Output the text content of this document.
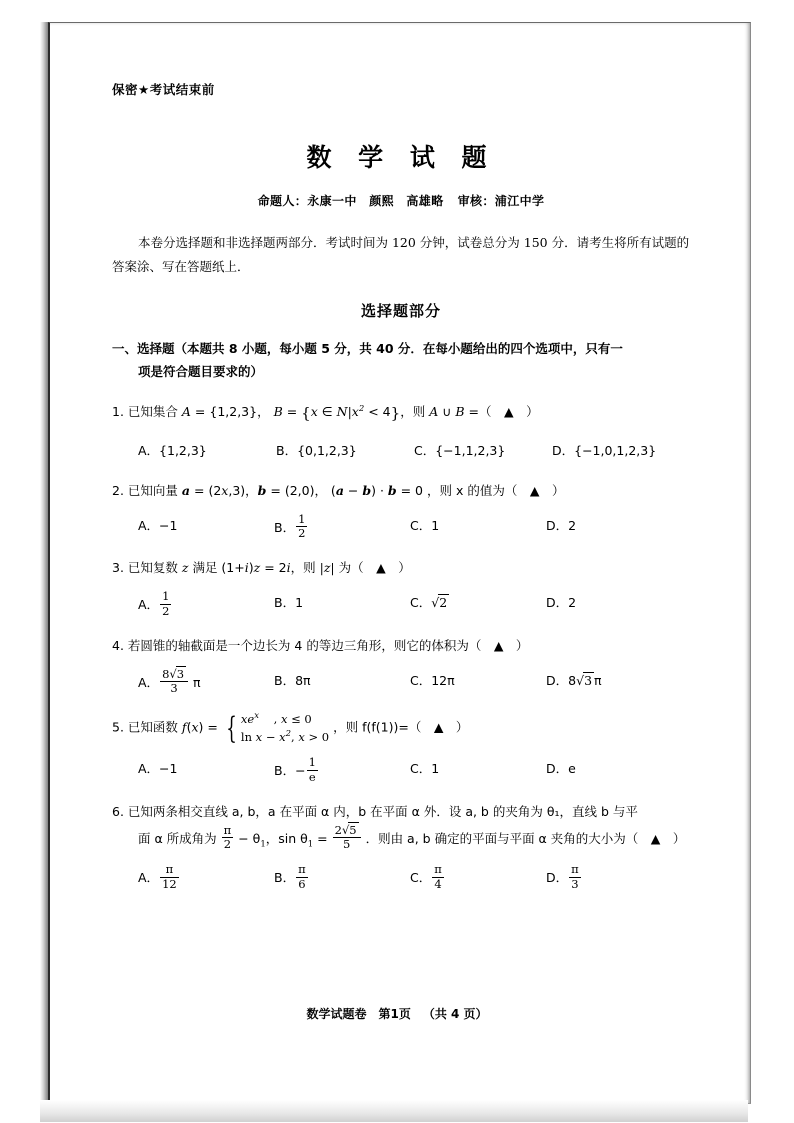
保密★考试结束前
数 学 试 题
命题人：永康一中　颜熙　高雄略 审核：浦江中学
本卷分选择题和非选择题两部分．考试时间为 120 分钟，试卷总分为 150 分．请考生将所有试题的答案涂、写在答题纸上．
选择题部分
一、选择题（本题共 8 小题，每小题 5 分，共 40 分．在每小题给出的四个选项中，只有一
项是符合题目要求的）
1. 已知集合 A = {1,2,3}， B = {x ∈ $N|x^2 < 4$}，则 A ∪ B =（　▲　）
A．{1,2,3}	B．{0,1,2,3}	C．{−1,1,2,3}	D．{−1,0,1,2,3}
2. 已知向量 a = (2x,3)，b = (2,0)， (a − b) · b = 0 ，则 x 的值为（　▲　）
A．−1	B． $\frac{1}{2}$	C．1	D．2
3. 已知复数 z 满足 (1+i)z = 2i，则 |z| 为（　▲　）
A． $\frac{1}{2}$	B．1	C．√2	D．2
4. 若圆锥的轴截面是一个边长为 4 的等边三角形，则它的体积为（　▲　）
A． $\frac{8√3}{3}$ π	B．8π	C．12π	D．8√3 π
5. 已知函数 f(x) = { $xe^x$    , x ≤ 0
$\ln x - x^2$, x > 0
，则 f(f(1))=（　▲　）
A．−1	B．− $\frac{1}{e}$	C．1	D．e
6. 已知两条相交直线 a, b，a 在平面 α 内，b 在平面 α 外．设 a, b 的夹角为 θ₁，直线 b 与平
面 α 所成角为 $\frac{\pi}{2} - \theta_1$，$\sin \theta_1 = \frac{2√5}{5}$ ．则由 a, b 确定的平面与平面 α 夹角的大小为（　▲　）
A． $\frac{\pi}{12}$	B． $\frac{\pi}{6}$	C． $\frac{\pi}{4}$	D． $\frac{\pi}{3}$
数学试题卷 第1页 （共 4 页）
